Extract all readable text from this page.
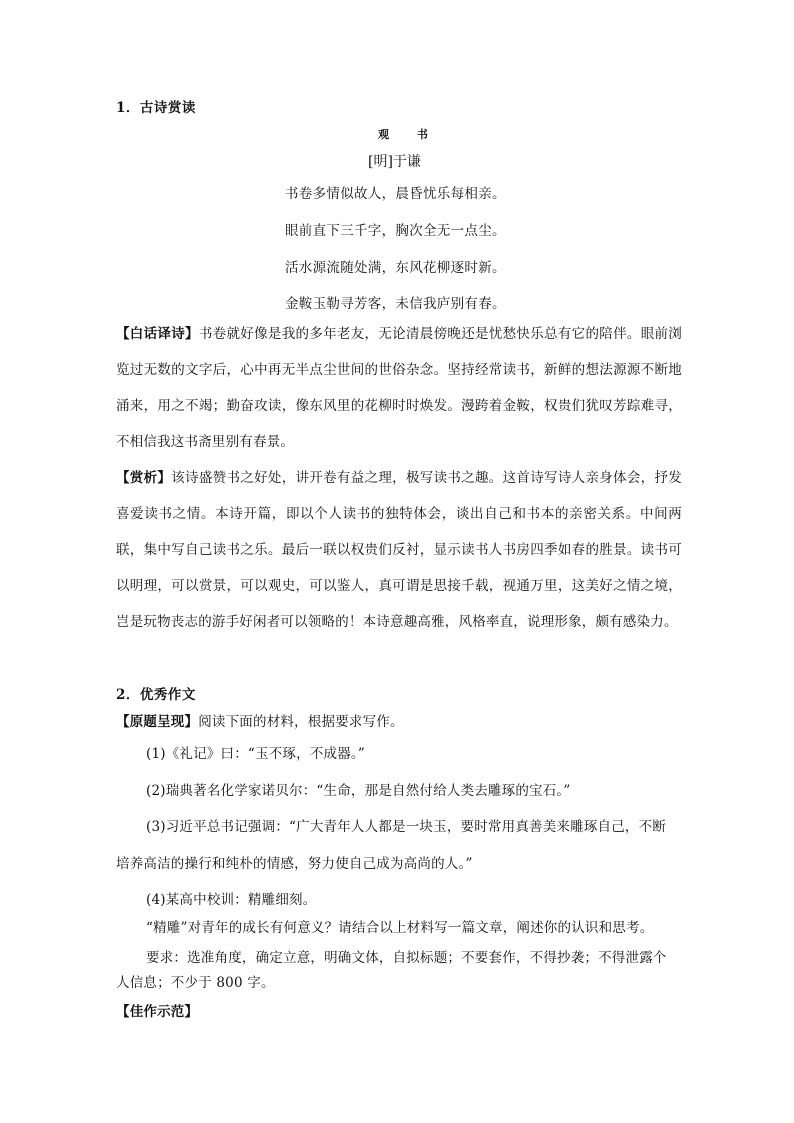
1．古诗赏读
观 书
[明]于谦
书卷多情似故人，晨昏忧乐每相亲。
眼前直下三千字，胸次全无一点尘。
活水源流随处满，东风花柳逐时新。
金鞍玉勒寻芳客，未信我庐别有春。
【白话译诗】书卷就好像是我的多年老友，无论清晨傍晚还是忧愁快乐总有它的陪伴。眼前浏览过无数的文字后，心中再无半点尘世间的世俗杂念。坚持经常读书，新鲜的想法源源不断地涌来，用之不竭；勤奋攻读，像东风里的花柳时时焕发。漫跨着金鞍，权贵们犹叹芳踪难寻，不相信我这书斋里别有春景。
【赏析】该诗盛赞书之好处，讲开卷有益之理，极写读书之趣。这首诗写诗人亲身体会，抒发喜爱读书之情。本诗开篇，即以个人读书的独特体会，谈出自己和书本的亲密关系。中间两联，集中写自己读书之乐。最后一联以权贵们反衬，显示读书人书房四季如春的胜景。读书可以明理，可以赏景，可以观史，可以鉴人，真可谓是思接千载，视通万里，这美好之情之境，岂是玩物丧志的游手好闲者可以领略的！本诗意趣高雅，风格率直，说理形象，颇有感染力。
2．优秀作文
【原题呈现】阅读下面的材料，根据要求写作。
(1)《礼记》曰：“玉不琢，不成器。”
(2)瑞典著名化学家诺贝尔：“生命，那是自然付给人类去雕琢的宝石。”
(3)习近平总书记强调：“广大青年人人都是一块玉，要时常用真善美来雕琢自己，不断
培养高洁的操行和纯朴的情感，努力使自己成为高尚的人。”
(4)某高中校训：精雕细刻。
“精雕”对青年的成长有何意义？请结合以上材料写一篇文章，阐述你的认识和思考。
要求：选准角度，确定立意，明确文体，自拟标题；不要套作，不得抄袭；不得泄露个
人信息；不少于 800 字。
【佳作示范】
